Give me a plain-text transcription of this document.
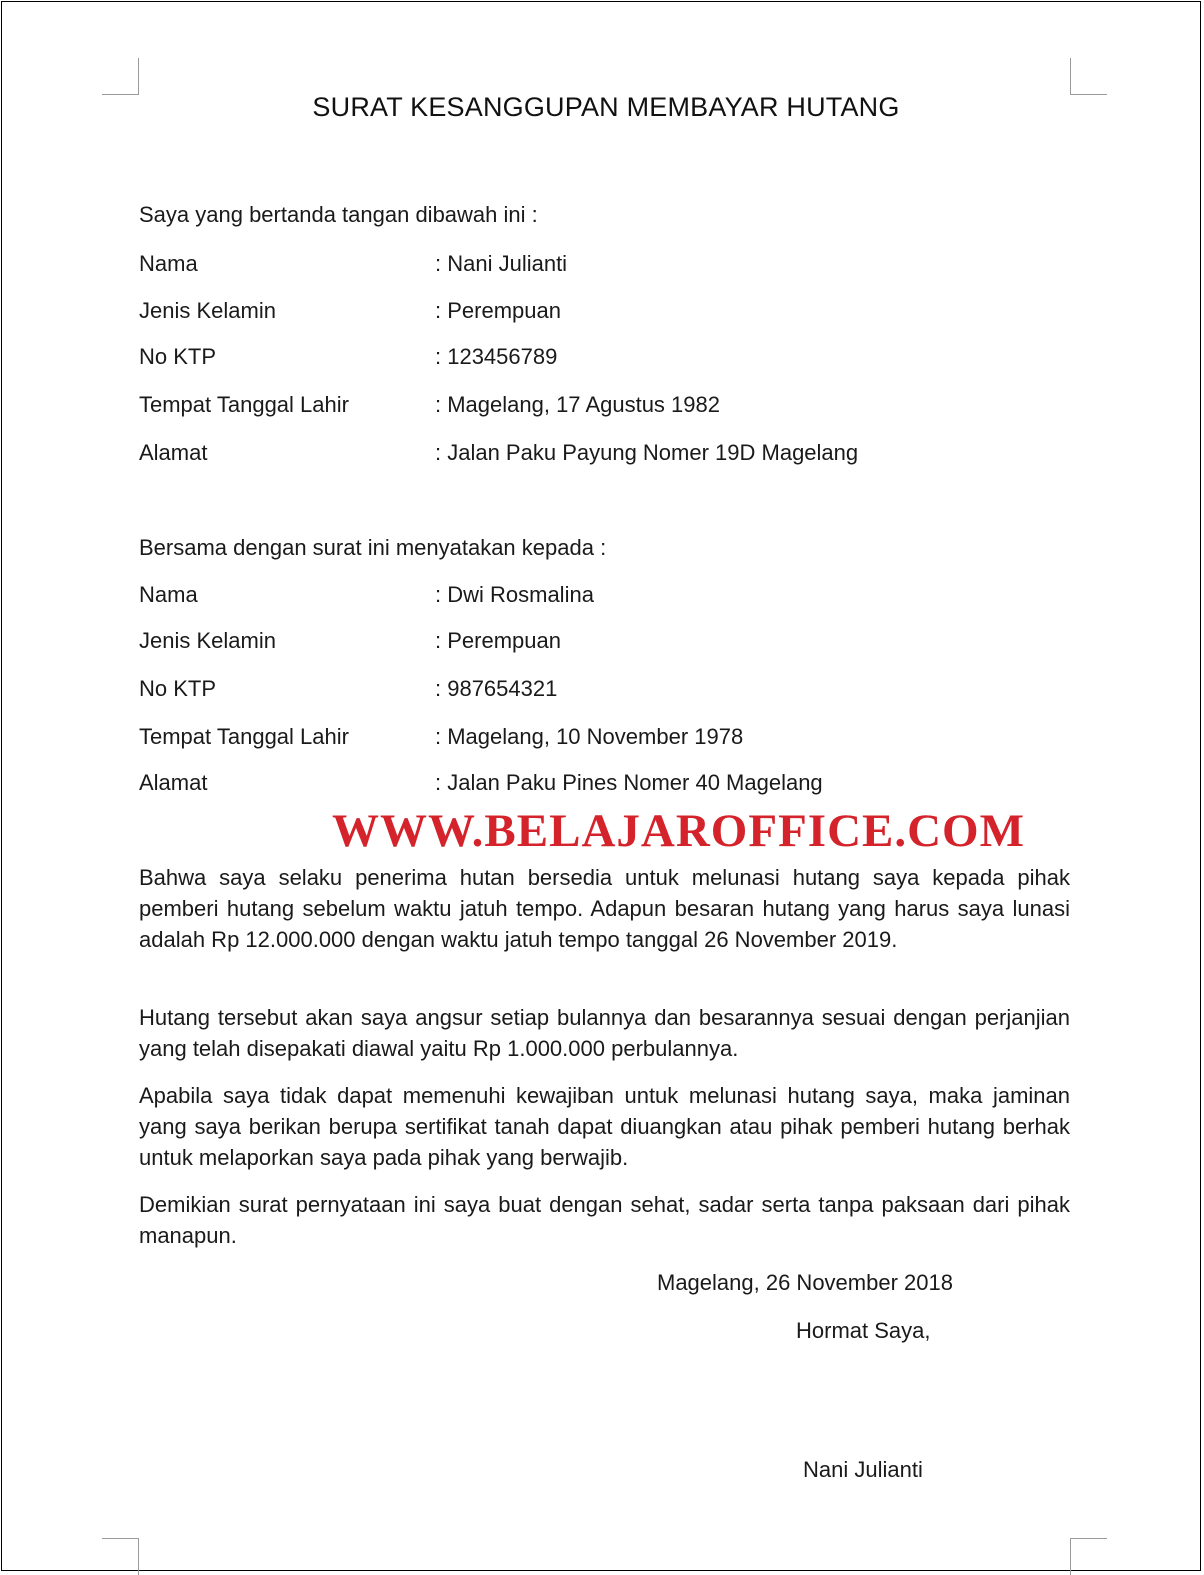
SURAT KESANGGUPAN MEMBAYAR HUTANG
Saya yang bertanda tangan dibawah ini :
Nama	: Nani Julianti
Jenis Kelamin	: Perempuan
No KTP	: 123456789
Tempat Tanggal Lahir	: Magelang, 17 Agustus 1982
Alamat	: Jalan Paku Payung Nomer 19D Magelang
Bersama dengan surat ini menyatakan kepada :
Nama	: Dwi Rosmalina
Jenis Kelamin	: Perempuan
No KTP	: 987654321
Tempat Tanggal Lahir	: Magelang, 10 November 1978
Alamat	: Jalan Paku Pines Nomer 40 Magelang
WWW.BELAJAROFFICE.COM
Bahwa saya selaku penerima hutan bersedia untuk melunasi hutang saya kepada pihak pemberi hutang sebelum waktu jatuh tempo. Adapun besaran hutang yang harus saya lunasi adalah Rp 12.000.000 dengan waktu jatuh tempo tanggal 26 November 2019.
Hutang tersebut akan saya angsur setiap bulannya dan besarannya sesuai dengan perjanjian yang telah disepakati diawal yaitu Rp 1.000.000 perbulannya.
Apabila saya tidak dapat memenuhi kewajiban untuk melunasi hutang saya, maka jaminan yang saya berikan berupa sertifikat tanah dapat diuangkan atau pihak pemberi hutang berhak untuk melaporkan saya pada pihak yang berwajib.
Demikian surat pernyataan ini saya buat dengan sehat, sadar serta tanpa paksaan dari pihak manapun.
Magelang, 26 November 2018
Hormat Saya,
Nani Julianti
